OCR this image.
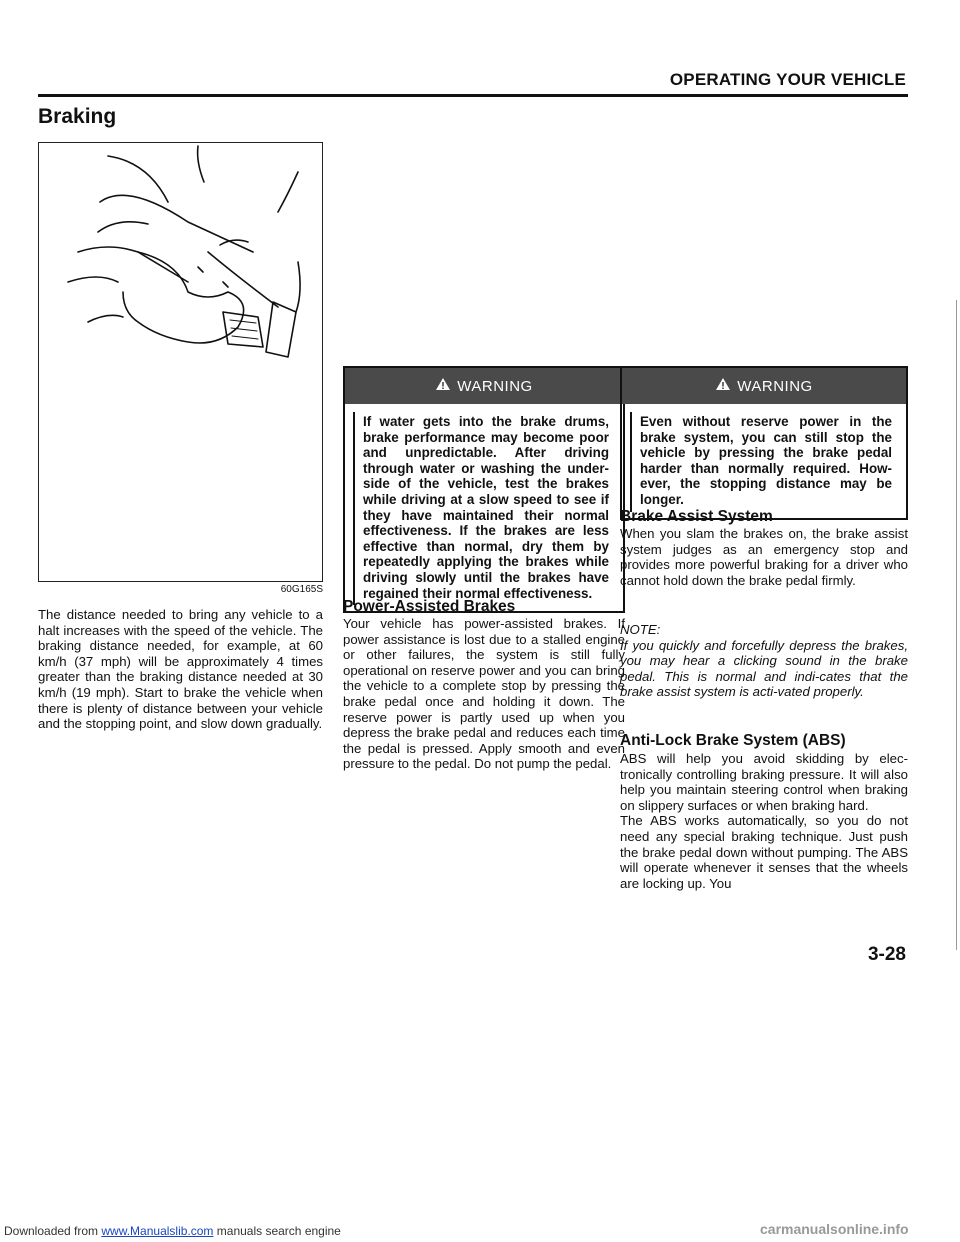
OPERATING YOUR VEHICLE
Braking
60G165S

The distance needed to bring any vehicle to a halt increases with the speed of the vehicle. The braking distance needed, for example, at 60 km/h (37 mph) will be approximately 4 times greater than the braking distance needed at 30 km/h (19 mph). Start to brake the vehicle when there is plenty of distance between your vehicle and the stopping point, and slow down gradually.

WARNING
If water gets into the brake drums, brake performance may become poor and unpredictable. After driving through water or washing the under-side of the vehicle, test the brakes while driving at a slow speed to see if they have maintained their normal effectiveness. If the brakes are less effective than normal, dry them by repeatedly applying the brakes while driving slowly until the brakes have regained their normal effectiveness.

Power-Assisted Brakes

Your vehicle has power-assisted brakes. If power assistance is lost due to a stalled engine or other failures, the system is still fully operational on reserve power and you can bring the vehicle to a complete stop by pressing the brake pedal once and holding it down. The reserve power is partly used up when you depress the brake pedal and reduces each time the pedal is pressed. Apply smooth and even pressure to the pedal. Do not pump the pedal.

WARNING
Even without reserve power in the brake system, you can still stop the vehicle by pressing the brake pedal harder than normally required. How-ever, the stopping distance may be longer.

Brake Assist System

When you slam the brakes on, the brake assist system judges as an emergency stop and provides more powerful braking for a driver who cannot hold down the brake pedal firmly.

NOTE:

If you quickly and forcefully depress the brakes, you may hear a clicking sound in the brake pedal. This is normal and indi-cates that the brake assist system is acti-vated properly.

Anti-Lock Brake System (ABS)

ABS will help you avoid skidding by elec-tronically controlling braking pressure. It will also help you maintain steering control when braking on slippery surfaces or when braking hard.

The ABS works automatically, so you do not need any special braking technique. Just push the brake pedal down without pumping. The ABS will operate whenever it senses that the wheels are locking up. You

3-28
Downloaded from www.Manualslib.com manuals search engine	carmanualsonline.info
